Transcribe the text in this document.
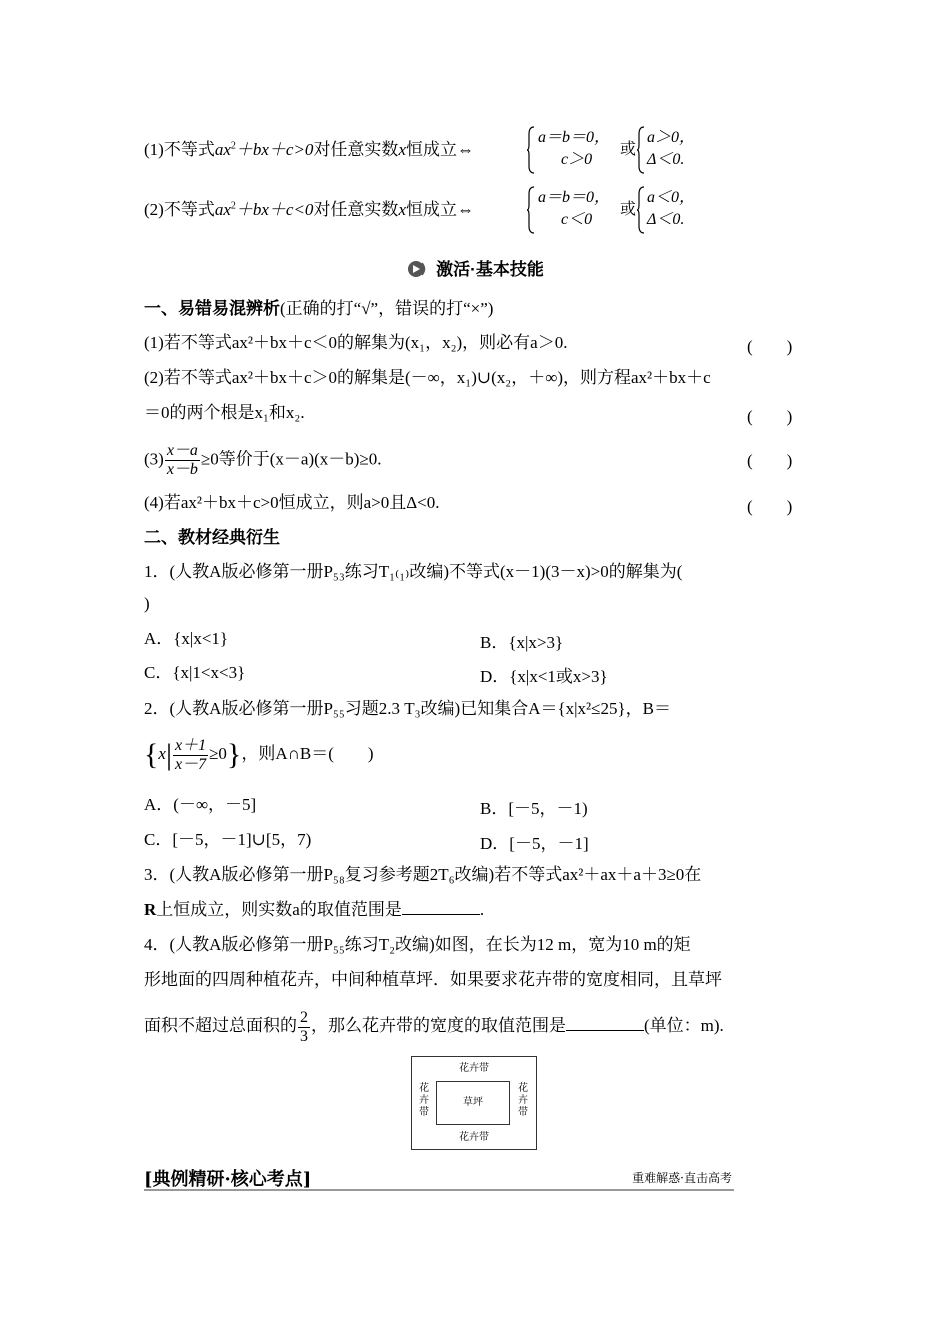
(1)不等式$ax^2+bx+c>0$对任意实数x恒成立⇔
a＝b＝0，
c＞0
或
a＞0，
Δ＜0.
(2)不等式$ax^2+bx+c<0$对任意实数x恒成立⇔
a＝b＝0，
c＜0
或
a＜0，
Δ＜0.
激活·基本技能
一、易错易混辨析(正确的打“√”，错误的打“×”)
(1)若不等式ax²＋bx＋c＜0的解集为(x₁，x₂)，则必有a＞0.	(　　)
(2)若不等式ax²＋bx＋c＞0的解集是(－∞，x₁)∪(x₂，＋∞)，则方程ax²＋bx＋c
＝0的两个根是x₁和x₂.	(　　)
$(3) \frac{x-a}{x-b} \ge 0$等价于(x－a)(x－b)≥0.	(　　)
(4)若ax²＋bx＋c>0恒成立，则a>0且Δ<0.	(　　)
二、教材经典衍生
1．(人教A版必修第一册P₅₃练习T₁₍₁₎改编)不等式(x－1)(3－x)>0的解集为(
)
A．{x|x<1}	B．{x|x>3}
C．{x|1<x<3}	D．{x|x<1或x>3}
2．(人教A版必修第一册P₅₅习题2.3 T₃改编)已知集合A＝{x|x²≤25}，B＝
$\{x| \frac{x+1}{x-7} \ge 0\}$，则A∩B＝(　　)
A．(－∞，－5]	B．[－5，－1)
C．[－5，－1]∪[5，7)	D．[－5，－1]
3．(人教A版必修第一册P₅₈复习参考题2T₆改编)若不等式ax²＋ax＋a＋3≥0在
R上恒成立，则实数a的取值范围是	.
4．(人教A版必修第一册P₅₅练习T₂改编)如图，在长为12 m，宽为10 m的矩
形地面的四周种植花卉，中间种植草坪．如果要求花卉带的宽度相同，且草坪
面积不超过总面积的 $\frac{2}{3}$ ，那么花卉带的宽度的取值范围是	(单位：m).
花卉带
花卉带
花
卉
带
花
卉
带
草坪
[典例精研·核心考点]	重难解惑·直击高考
